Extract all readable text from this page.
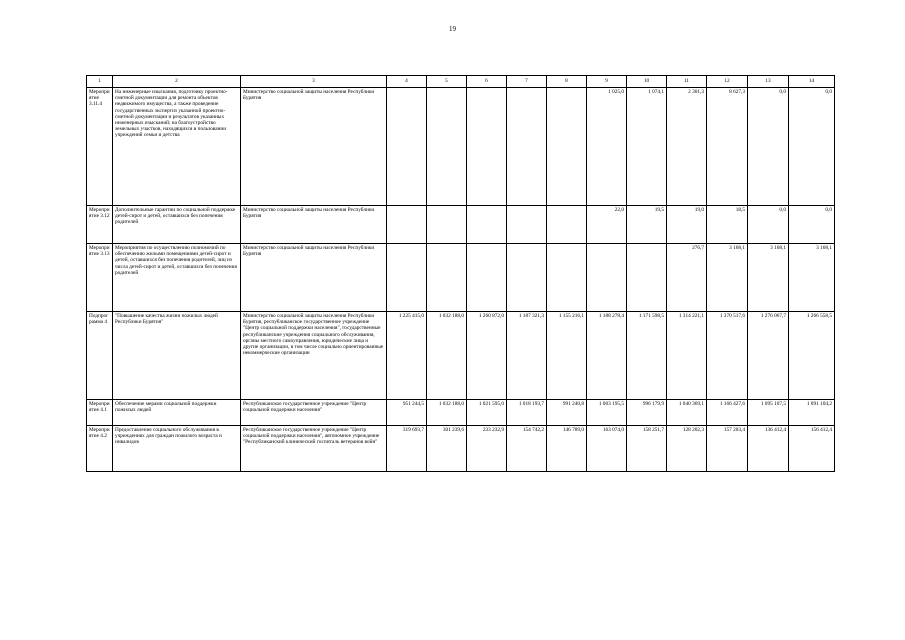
19
1	2	3	4	5	6	7	8	9	10	11	12	13	14
Мероприятие 3.11.4	На инженерные изыскания, подготовку проектно-сметной документации для ремонта объектов недвижимого имущества, а также проведение государственных экспертиз указанной проектно-сметной документации и результатов указанных инженерных изысканий; на благоустройство земельных участков, находящихся в пользовании учреждений семьи и детства	Министерство социальной защиты населения Республики Бурятия						1 025,0	1 074,1	2 301,3	8 627,3	0,0	0,0
Мероприятие 3.12	Дополнительные гарантии по социальной поддержке детей-сирот и детей, оставшихся без попечения родителей	Министерство социальной защиты населения Республики Бурятия						22,0	19,5	19,0	18,5	0,0	0,0
Мероприятие 3.13	Мероприятия по осуществлению полномочий по обеспечению жилыми помещениями детей-сирот и детей, оставшихся без попечения родителей, лиц из числа детей-сирот и детей, оставшихся без попечения родителей	Министерство социальной защиты населения Республики Бурятия								276,7	3 168,1	3 168,1	3 168,1
Подпрограмма 4	"Повышение качества жизни пожилых людей Республики Бурятия"	Министерство социальной защиты населения Республики Бурятия, республиканское государственное учреждение "Центр социальной поддержки населения", государственные республиканские учреждения социального обслуживания, органы местного самоуправления, юридические лица и другие организации, в том числе социально ориентированные некоммерческие организации	1 225 415,0	1 032 188,0	1 260 872,0	1 187 321,3	1 155 216,1	1 188 278,4	1 171 598,5	1 314 221,1	1 370 517,6	1 276 067,7	1 266 558,5
Мероприятие 4.1	Обеспечение мерами социальной поддержки пожилых людей	Республиканское государственное учреждение "Центр социальной поддержки населения"	951 244,5	1 032 188,0	1 021 595,0	1 018 193,7	991 240,8	1 003 195,5	996 179,9	1 040 369,1	1 166 427,6	1 095 107,5	1 091 104,2
Мероприятие 4.2	Предоставление социального обслуживания в учреждениях для граждан пожилого возраста и инвалидов	Республиканское государственное учреждение "Центр социальной поддержки населения", автономное учреждение "Республиканский клинический госпиталь ветеранов войн"	319 693,7	301 239,6	233 232,9	154 742,2	146 789,0	163 074,0	158 251,7	128 202,3	157 203,4	136 412,4	156 412,4
